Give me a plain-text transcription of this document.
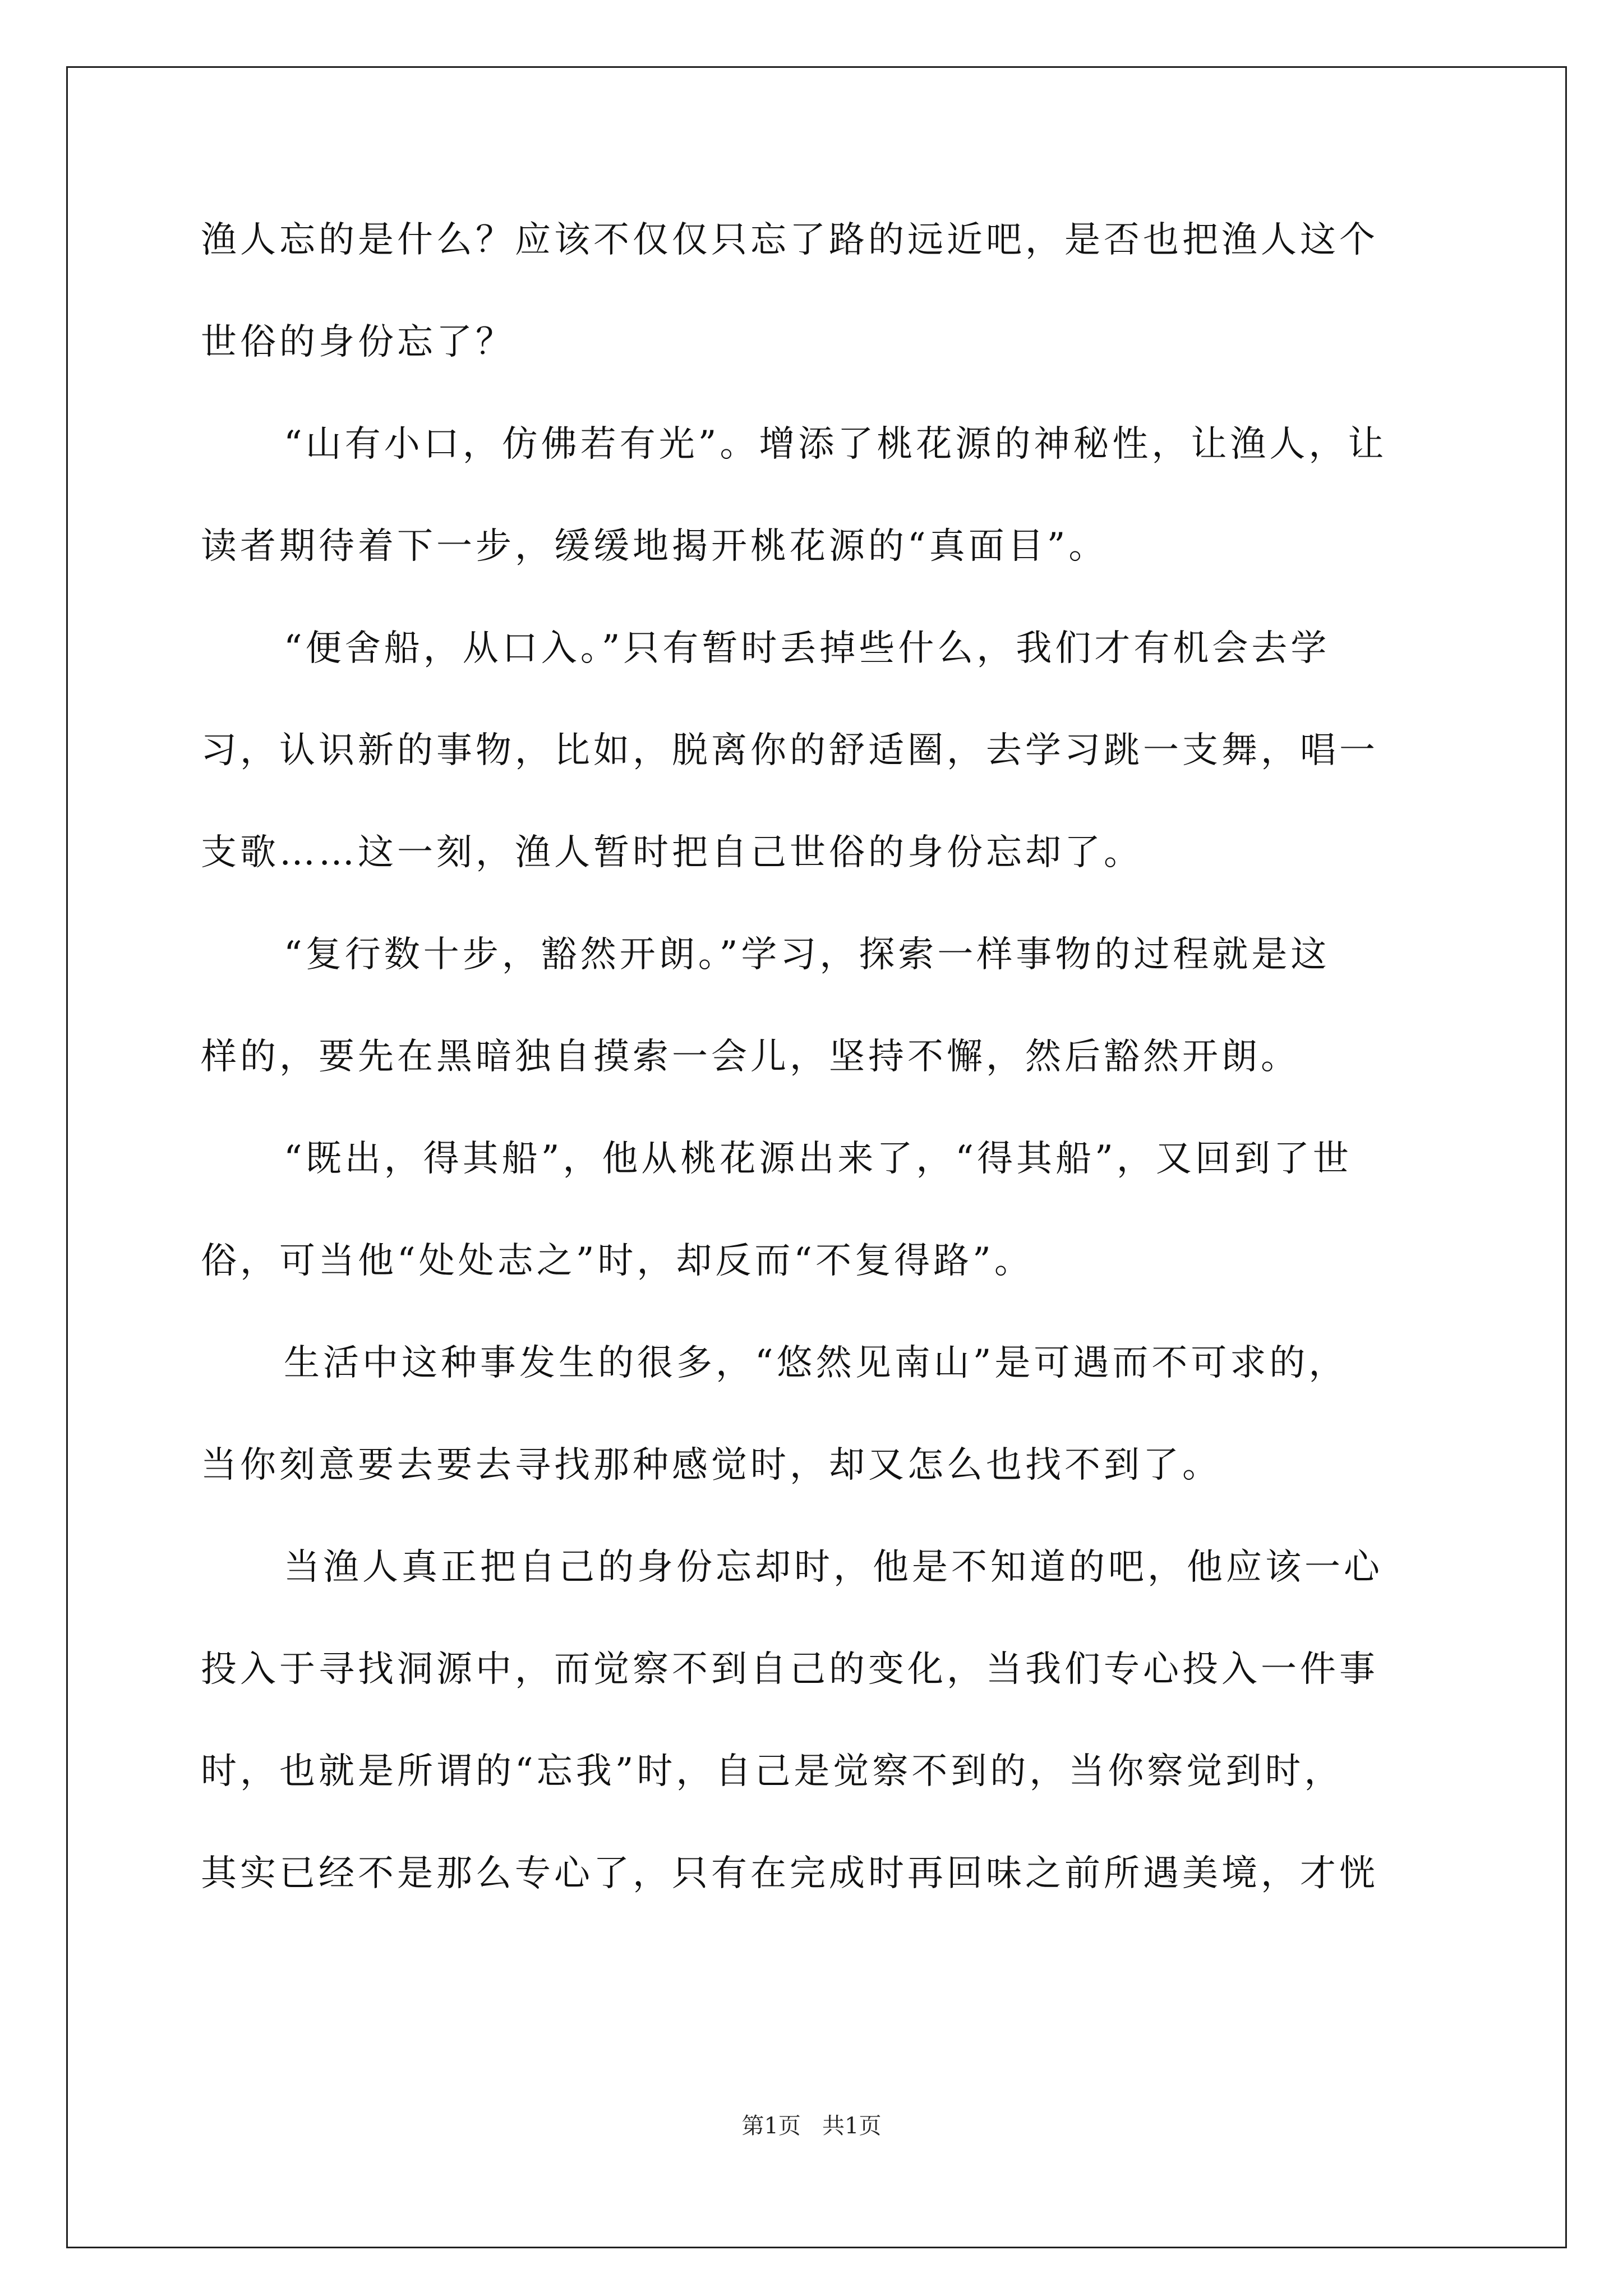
渔人忘的是什么？应该不仅仅只忘了路的远近吧，是否也把渔人这个
世俗的身份忘了？
“山有小口，仿佛若有光”。增添了桃花源的神秘性，让渔人，让
读者期待着下一步，缓缓地揭开桃花源的“真面目”。
“便舍船，从口入。”只有暂时丢掉些什么，我们才有机会去学
习，认识新的事物，比如，脱离你的舒适圈，去学习跳一支舞，唱一
支歌……这一刻，渔人暂时把自己世俗的身份忘却了。
“复行数十步，豁然开朗。”学习，探索一样事物的过程就是这
样的，要先在黑暗独自摸索一会儿，坚持不懈，然后豁然开朗。
“既出，得其船”，他从桃花源出来了，“得其船”，又回到了世
俗，可当他“处处志之”时，却反而“不复得路”。
生活中这种事发生的很多，“悠然见南山”是可遇而不可求的，
当你刻意要去要去寻找那种感觉时，却又怎么也找不到了。
当渔人真正把自己的身份忘却时，他是不知道的吧，他应该一心
投入于寻找洞源中，而觉察不到自己的变化，当我们专心投入一件事
时，也就是所谓的“忘我”时，自己是觉察不到的，当你察觉到时，
其实已经不是那么专心了，只有在完成时再回味之前所遇美境，才恍
第1页   共1页
